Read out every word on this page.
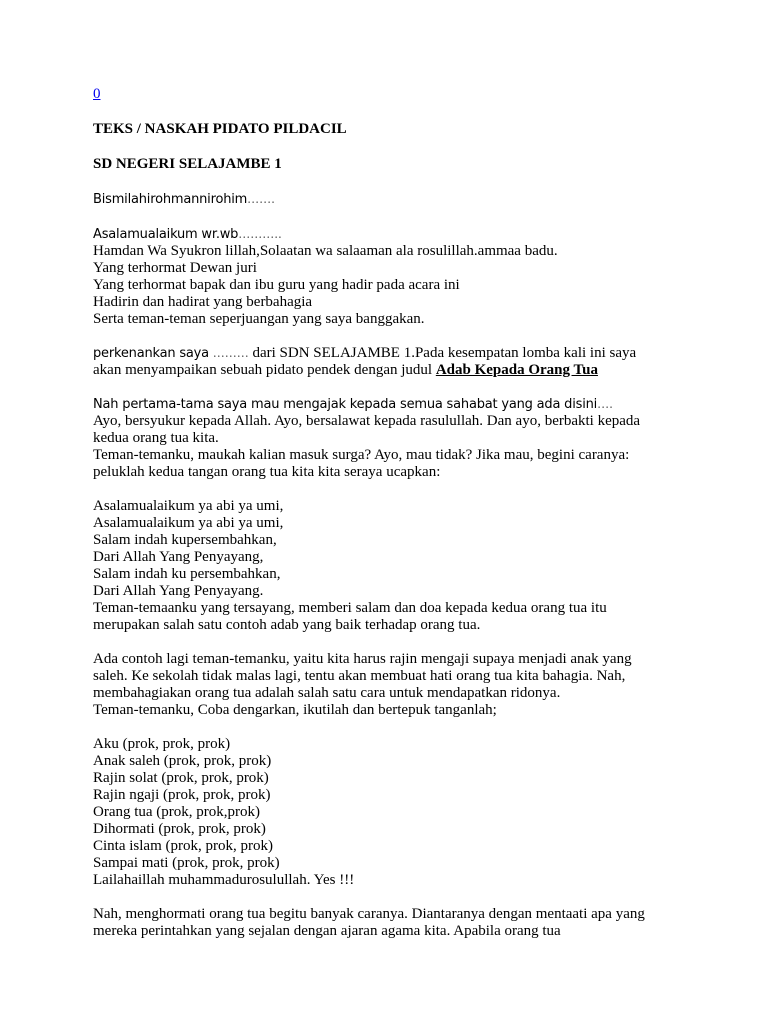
0

TEKS / NASKAH PIDATO PILDACIL

SD NEGERI SELAJAMBE 1

Bismilahirohmannirohim…….

Asalamualaikum wr.wb………..

Hamdan Wa Syukron lillah,Solaatan wa salaaman ala rosulillah.ammaa badu.

Yang terhormat Dewan juri

Yang terhormat bapak dan ibu guru yang hadir pada acara ini

Hadirin dan hadirat yang berbahagia

Serta teman-teman seperjuangan yang saya banggakan.

perkenankan saya ……… dari SDN SELAJAMBE 1.Pada kesempatan lomba kali ini saya

akan menyampaikan sebuah pidato pendek dengan judul Adab Kepada Orang Tua

Nah pertama-tama saya mau mengajak kepada semua sahabat yang ada disini….

Ayo, bersyukur kepada Allah. Ayo, bersalawat kepada rasulullah. Dan ayo, berbakti kepada

kedua orang tua kita.

Teman-temanku, maukah kalian masuk surga? Ayo, mau tidak? Jika mau, begini caranya:

peluklah kedua tangan orang tua kita kita seraya ucapkan:

Asalamualaikum ya abi ya umi,

Asalamualaikum ya abi ya umi,

Salam indah kupersembahkan,

Dari Allah Yang Penyayang,

Salam indah ku persembahkan,

Dari Allah Yang Penyayang.

Teman-temaanku yang tersayang, memberi salam dan doa kepada kedua orang tua itu

merupakan salah satu contoh adab yang baik terhadap orang tua.

Ada contoh lagi teman-temanku, yaitu kita harus rajin mengaji supaya menjadi anak yang

saleh. Ke sekolah tidak malas lagi, tentu akan membuat hati orang tua kita bahagia. Nah,

membahagiakan orang tua adalah salah satu cara untuk mendapatkan ridonya.

Teman-temanku, Coba dengarkan, ikutilah dan bertepuk tanganlah;

Aku (prok, prok, prok)

Anak saleh (prok, prok, prok)

Rajin solat (prok, prok, prok)

Rajin ngaji (prok, prok, prok)

Orang tua (prok, prok,prok)

Dihormati (prok, prok, prok)

Cinta islam (prok, prok, prok)

Sampai mati (prok, prok, prok)

Lailahaillah muhammadurosulullah. Yes !!!

Nah, menghormati orang tua begitu banyak caranya. Diantaranya dengan mentaati apa yang

mereka perintahkan yang sejalan dengan ajaran agama kita. Apabila orang tua
